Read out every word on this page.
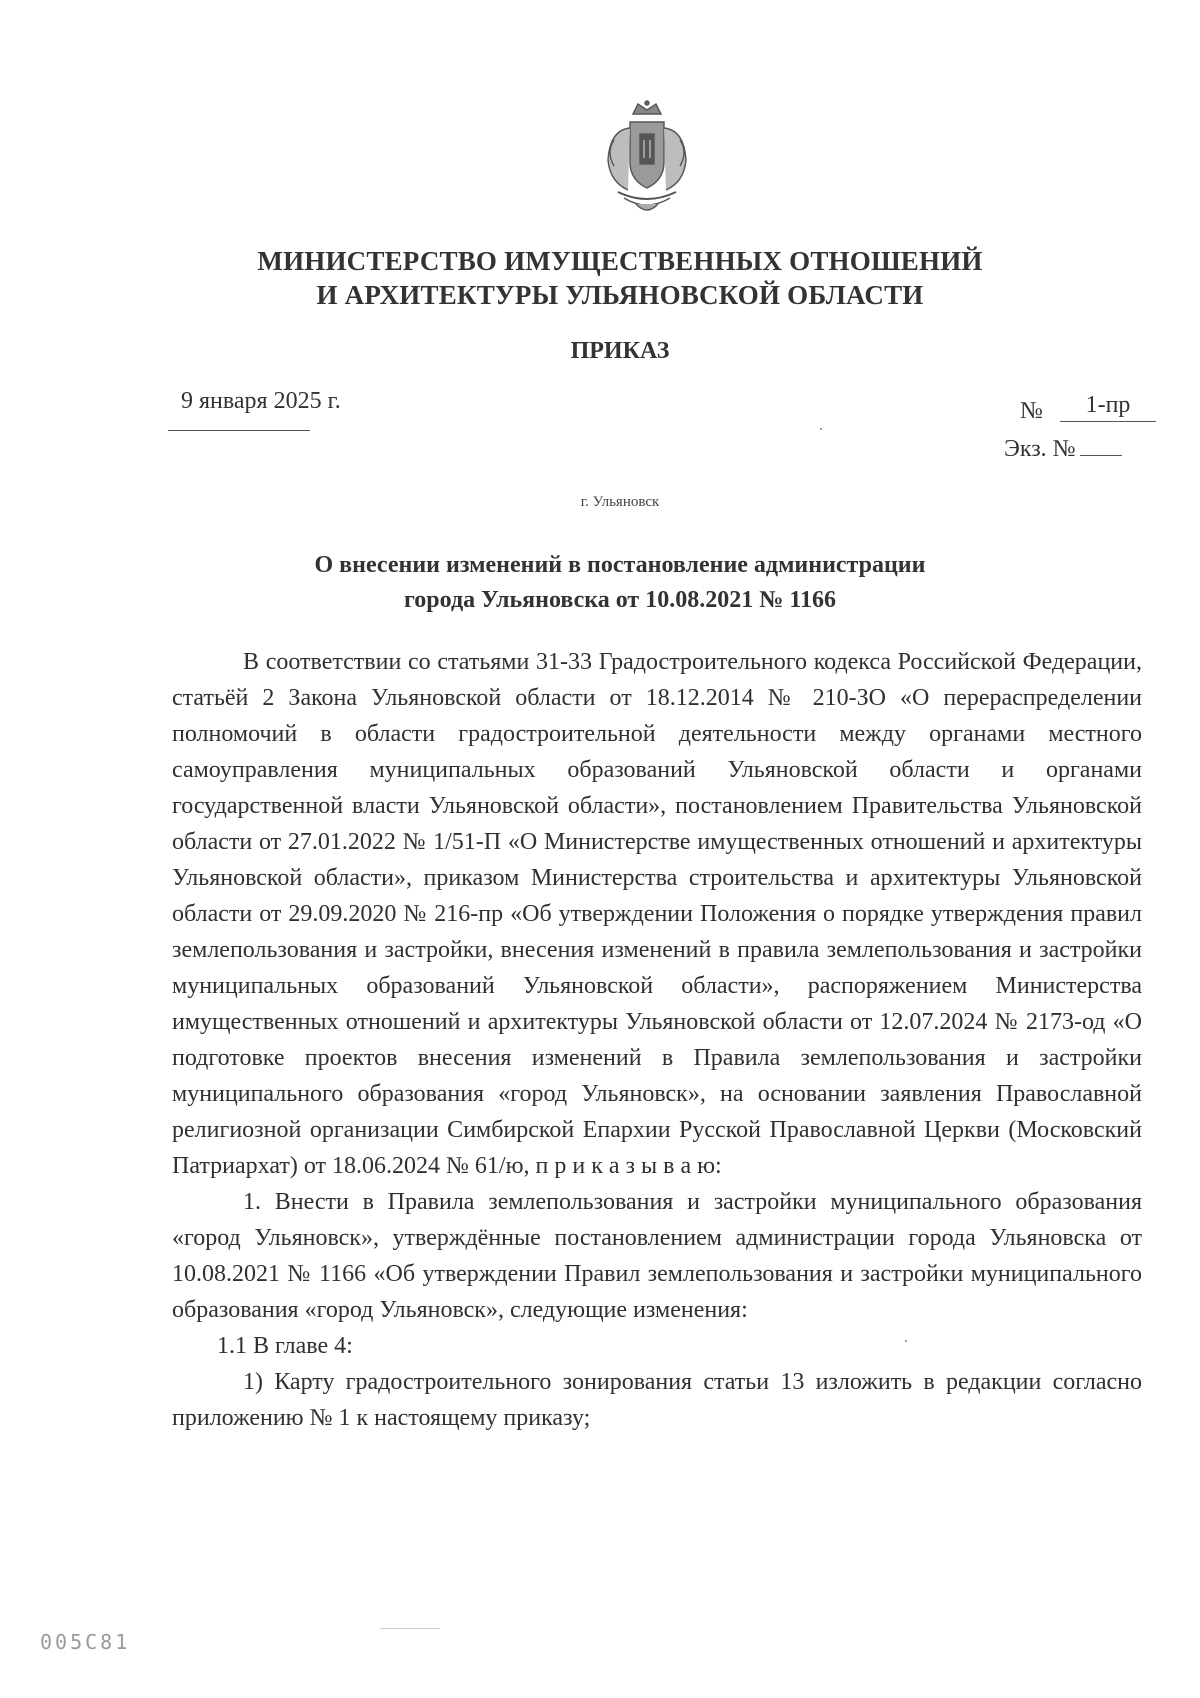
МИНИСТЕРСТВО ИМУЩЕСТВЕННЫХ ОТНОШЕНИЙ
И АРХИТЕКТУРЫ УЛЬЯНОВСКОЙ ОБЛАСТИ
ПРИКАЗ
9 января 2025 г.	№	1-пр
Экз. №
г. Ульяновск
О внесении изменений в постановление администрации
города Ульяновска от 10.08.2021 № 1166

В соответствии со статьями 31-33 Градостроительного кодекса Российской Федерации, статьёй 2 Закона Ульяновской области от 18.12.2014 № 210-ЗО «О перераспределении полномочий в области градостроительной деятельности между органами местного самоуправления муниципальных образований Ульяновской области и органами государственной власти Ульяновской области», постановлением Правительства Ульяновской области от 27.01.2022 № 1/51-П «О Министерстве имущественных отношений и архитектуры Ульяновской области», приказом Министерства строительства и архитектуры Ульяновской области от 29.09.2020 № 216-пр «Об утверждении Положения о порядке утверждения правил землепользования и застройки, внесения изменений в правила землепользования и застройки муниципальных образований Ульяновской области», распоряжением Министерства имущественных отношений и архитектуры Ульяновской области от 12.07.2024 № 2173-од «О подготовке проектов внесения изменений в Правила землепользования и застройки муниципального образования «город Ульяновск», на основании заявления Православной религиозной организации Симбирской Епархии Русской Православной Церкви (Московский Патриархат) от 18.06.2024 № 61/ю, п р и к а з ы в а ю:

1. Внести в Правила землепользования и застройки муниципального образования «город Ульяновск», утверждённые постановлением администрации города Ульяновска от 10.08.2021 № 1166 «Об утверждении Правил землепользования и застройки муниципального образования «город Ульяновск», следующие изменения:

1.1 В главе 4:

1) Карту градостроительного зонирования статьи 13 изложить в редакции согласно приложению № 1 к настоящему приказу;

005C81
